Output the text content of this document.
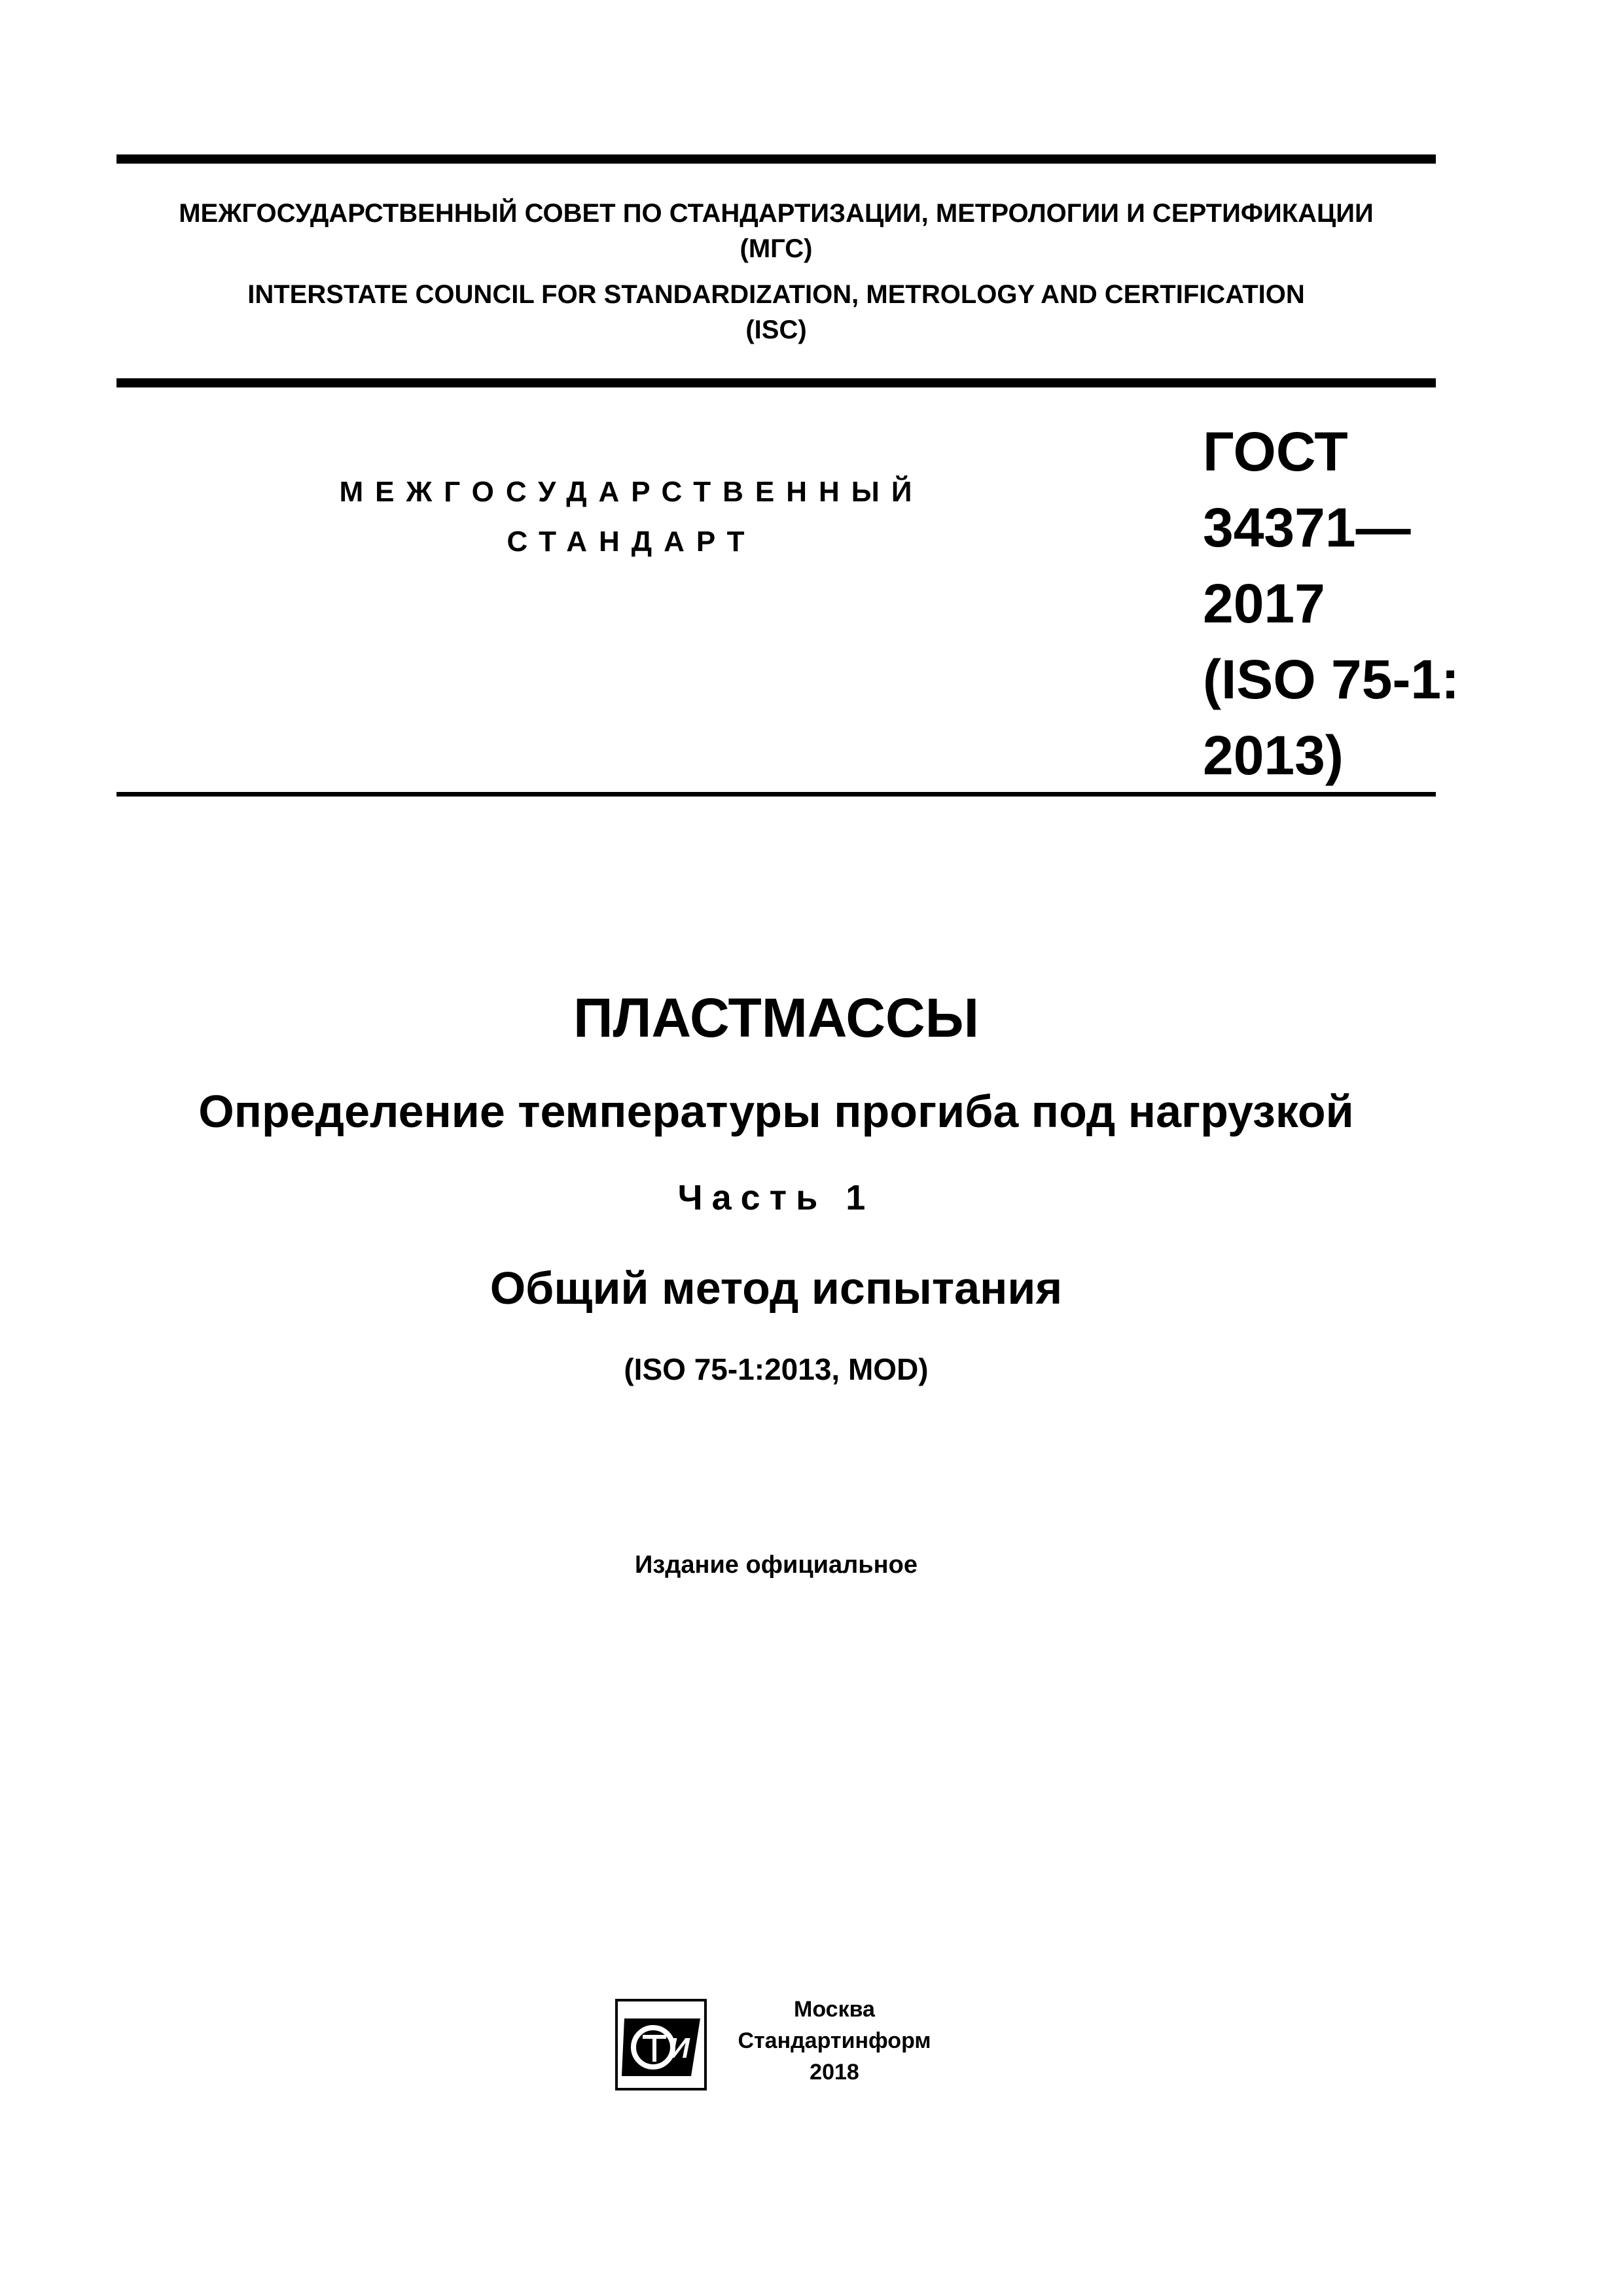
МЕЖГОСУДАРСТВЕННЫЙ СОВЕТ ПО СТАНДАРТИЗАЦИИ, МЕТРОЛОГИИ И СЕРТИФИКАЦИИ
(МГС)
INTERSTATE COUNCIL FOR STANDARDIZATION, METROLOGY AND CERTIFICATION
(ISC)
МЕЖГОСУДАРСТВЕННЫЙ
СТАНДАРТ
ГОСТ
34371—
2017
(ISO 75-1:
2013)
ПЛАСТМАССЫ
Определение температуры прогиба под нагрузкой
Часть 1
Общий метод испытания
(ISO 75-1:2013, MOD)
Издание официальное
И
Москва
Стандартинформ
2018
